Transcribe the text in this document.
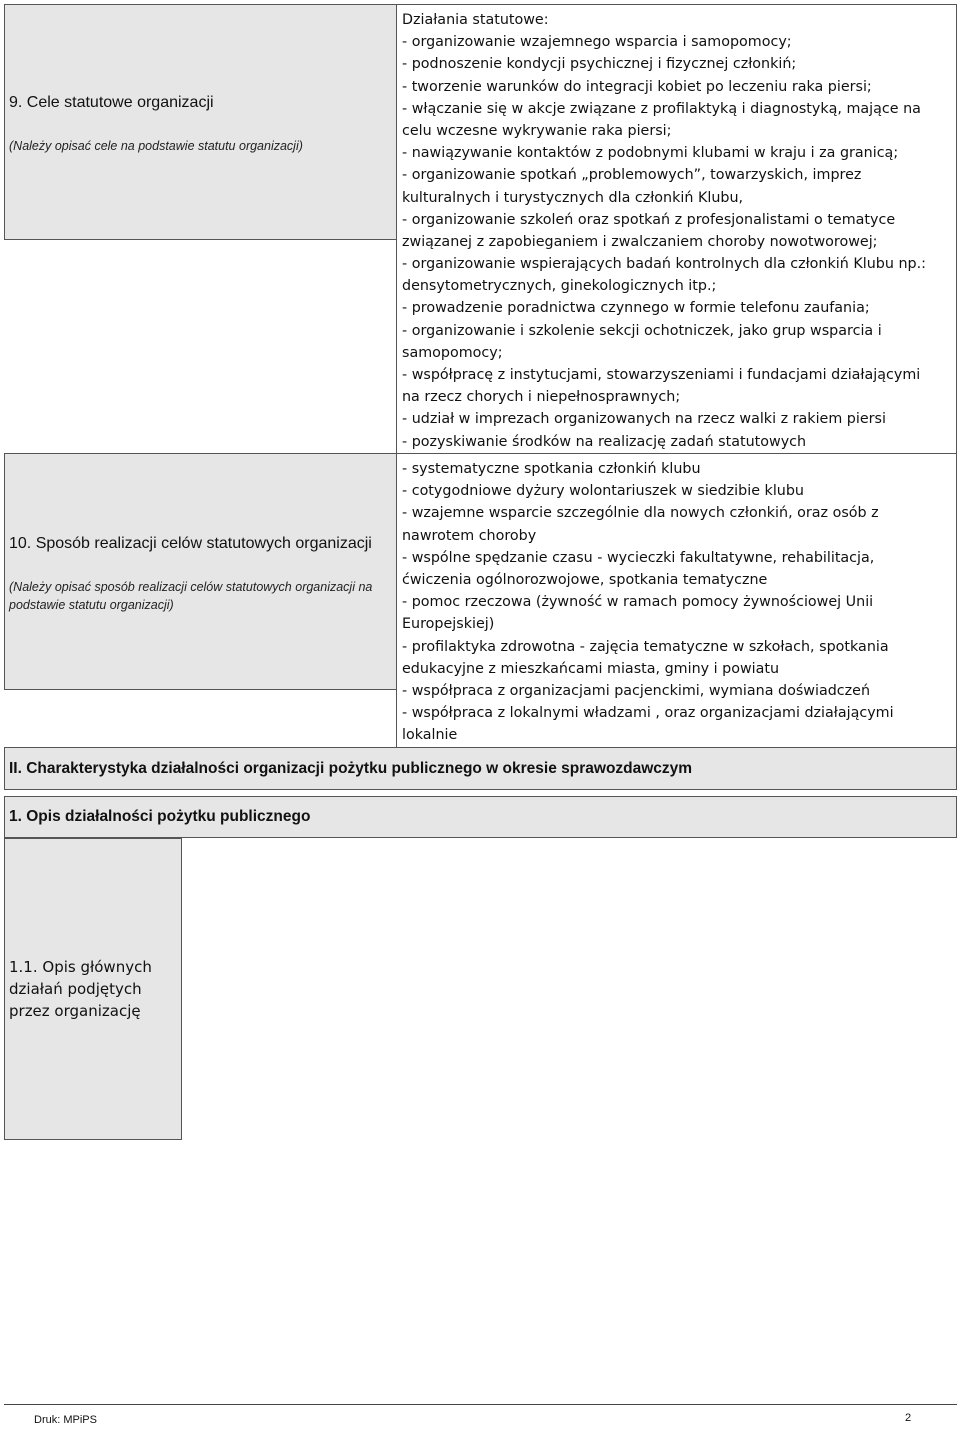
9. Cele statutowe organizacji
(Należy opisać cele na podstawie statutu organizacji)
Działania statutowe:
- organizowanie wzajemnego wsparcia i samopomocy;
- podnoszenie kondycji psychicznej i fizycznej członkiń;
- tworzenie warunków do integracji kobiet po leczeniu raka piersi;
- włączanie się w akcje związane z profilaktyką i diagnostyką, mające na
celu wczesne wykrywanie raka piersi;
- nawiązywanie kontaktów z podobnymi klubami w kraju i za granicą;
- organizowanie spotkań „problemowych”, towarzyskich, imprez
kulturalnych i turystycznych dla członkiń Klubu,
- organizowanie szkoleń oraz spotkań z profesjonalistami o tematyce
związanej z zapobieganiem i zwalczaniem choroby nowotworowej;
- organizowanie wspierających badań kontrolnych dla członkiń Klubu np.:
densytometrycznych, ginekologicznych itp.;
- prowadzenie poradnictwa czynnego w formie telefonu zaufania;
- organizowanie i szkolenie sekcji ochotniczek, jako grup wsparcia i
samopomocy;
- współpracę z instytucjami, stowarzyszeniami i fundacjami działającymi
na rzecz chorych i niepełnosprawnych;
- udział w imprezach organizowanych na rzecz walki z rakiem piersi
- pozyskiwanie środków na realizację zadań statutowych
10. Sposób realizacji celów statutowych organizacji
(Należy opisać sposób realizacji celów statutowych organizacji na
podstawie statutu organizacji)
- systematyczne spotkania członkiń klubu
- cotygodniowe dyżury wolontariuszek w siedzibie klubu
- wzajemne wsparcie szczególnie dla nowych członkiń, oraz osób z
nawrotem choroby
- wspólne spędzanie czasu - wycieczki fakultatywne, rehabilitacja,
ćwiczenia ogólnorozwojowe, spotkania tematyczne
- pomoc rzeczowa (żywność w ramach pomocy żywnościowej Unii
Europejskiej)
- profilaktyka zdrowotna - zajęcia tematyczne w szkołach, spotkania
edukacyjne z mieszkańcami miasta, gminy i powiatu
- współpraca z organizacjami pacjenckimi, wymiana doświadczeń
- współpraca z lokalnymi władzami , oraz organizacjami działającymi
lokalnie
II. Charakterystyka działalności organizacji pożytku publicznego w okresie sprawozdawczym
1. Opis działalności pożytku publicznego
1.1. Opis głównych
działań podjętych
przez organizację
Druk: MPiPS	2
